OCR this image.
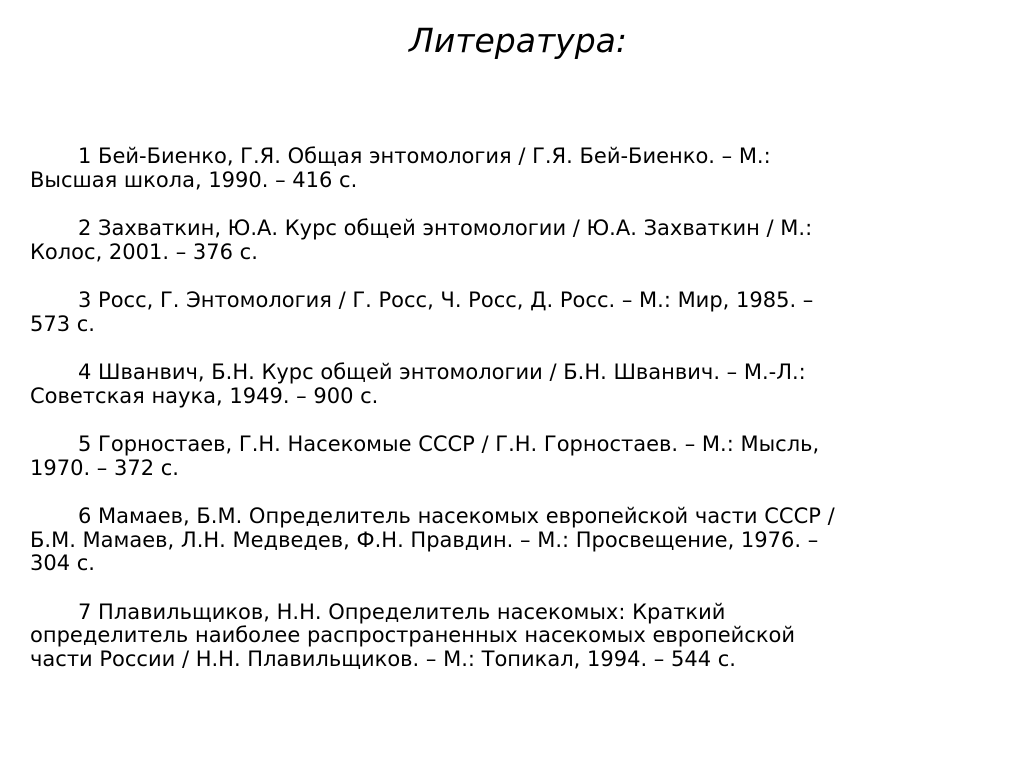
Литература:
1 Бей-Биенко, Г.Я. Общая энтомология / Г.Я. Бей-Биенко. – М.:
Высшая школа, 1990. – 416 с.
2 Захваткин, Ю.А. Курс общей энтомологии / Ю.А. Захваткин / М.:
Колос, 2001. – 376 с.
3 Росс, Г. Энтомология / Г. Росс, Ч. Росс, Д. Росс. – М.: Мир, 1985. –
573 с.
4 Шванвич, Б.Н. Курс общей энтомологии / Б.Н. Шванвич. – М.-Л.:
Советская наука, 1949. – 900 с.
5 Горностаев, Г.Н. Насекомые СССР / Г.Н. Горностаев. – М.: Мысль,
1970. – 372 с.
6 Мамаев, Б.М. Определитель насекомых европейской части СССР /
Б.М. Мамаев, Л.Н. Медведев, Ф.Н. Правдин. – М.: Просвещение, 1976. –
304 с.
7 Плавильщиков, Н.Н. Определитель насекомых: Краткий
определитель наиболее распространенных насекомых европейской
части России / Н.Н. Плавильщиков. – М.: Топикал, 1994. – 544 с.
